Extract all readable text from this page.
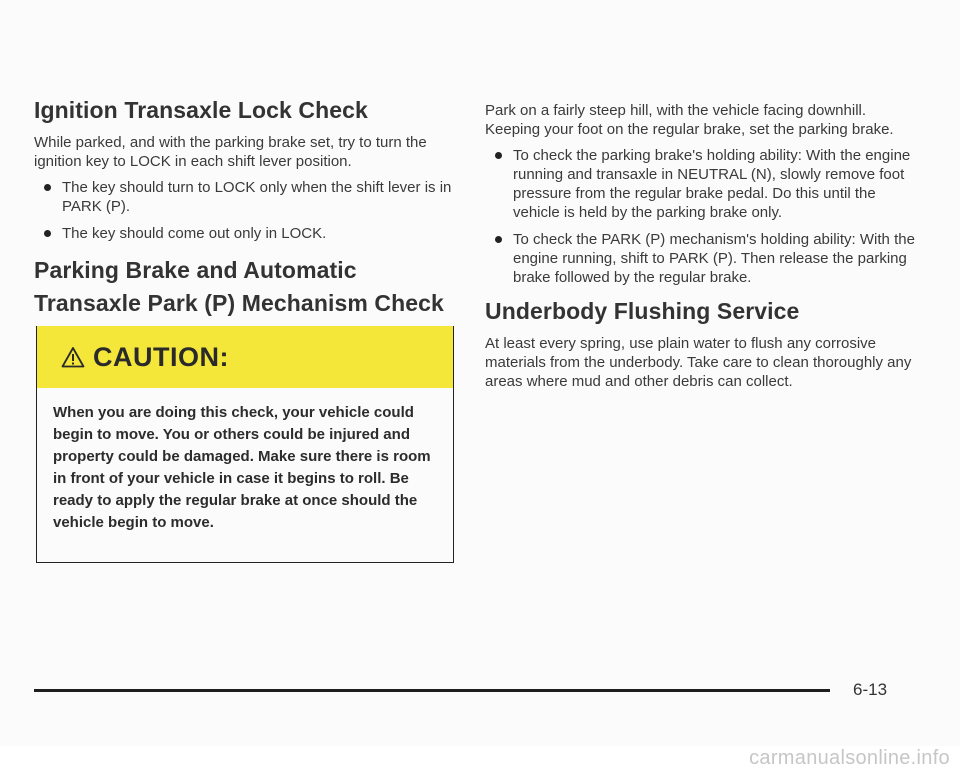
Ignition Transaxle Lock Check

While parked, and with the parking brake set, try to turn the ignition key to LOCK in each shift lever position.

The key should turn to LOCK only when the shift lever is in PARK (P).
The key should come out only in LOCK.
Parking Brake and Automatic Transaxle Park (P) Mechanism Check
CAUTION:
When you are doing this check, your vehicle could begin to move. You or others could be injured and property could be damaged. Make sure there is room in front of your vehicle in case it begins to roll. Be ready to apply the regular brake at once should the vehicle begin to move.

Park on a fairly steep hill, with the vehicle facing downhill. Keeping your foot on the regular brake, set the parking brake.

To check the parking brake's holding ability: With the engine running and transaxle in NEUTRAL (N), slowly remove foot pressure from the regular brake pedal. Do this until the vehicle is held by the parking brake only.
To check the PARK (P) mechanism's holding ability: With the engine running, shift to PARK (P). Then release the parking brake followed by the regular brake.
Underbody Flushing Service

At least every spring, use plain water to flush any corrosive materials from the underbody. Take care to clean thoroughly any areas where mud and other debris can collect.

6-13
carmanualsonline.info
